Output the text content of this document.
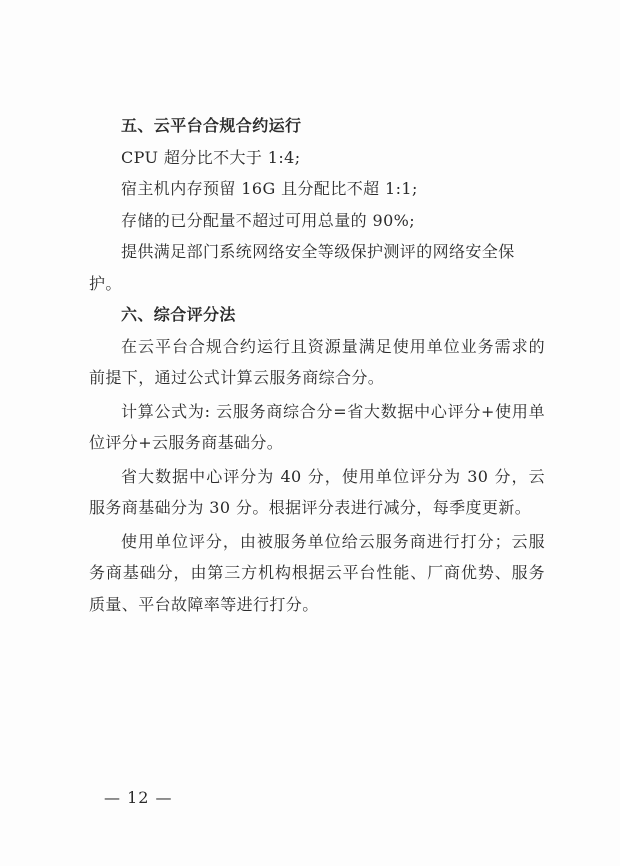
五、云平台合规合约运行

CPU 超分比不大于 1:4;

宿主机内存预留 16G 且分配比不超 1:1;

存储的已分配量不超过可用总量的 90%;

提供满足部门系统网络安全等级保护测评的网络安全保护。

六、综合评分法

在云平台合规合约运行且资源量满足使用单位业务需求的前提下，通过公式计算云服务商综合分。

计算公式为: 云服务商综合分=省大数据中心评分+使用单位评分+云服务商基础分。

省大数据中心评分为 40 分，使用单位评分为 30 分，云服务商基础分为 30 分。根据评分表进行减分，每季度更新。

使用单位评分，由被服务单位给云服务商进行打分；云服务商基础分，由第三方机构根据云平台性能、厂商优势、服务质量、平台故障率等进行打分。

— 12 —
